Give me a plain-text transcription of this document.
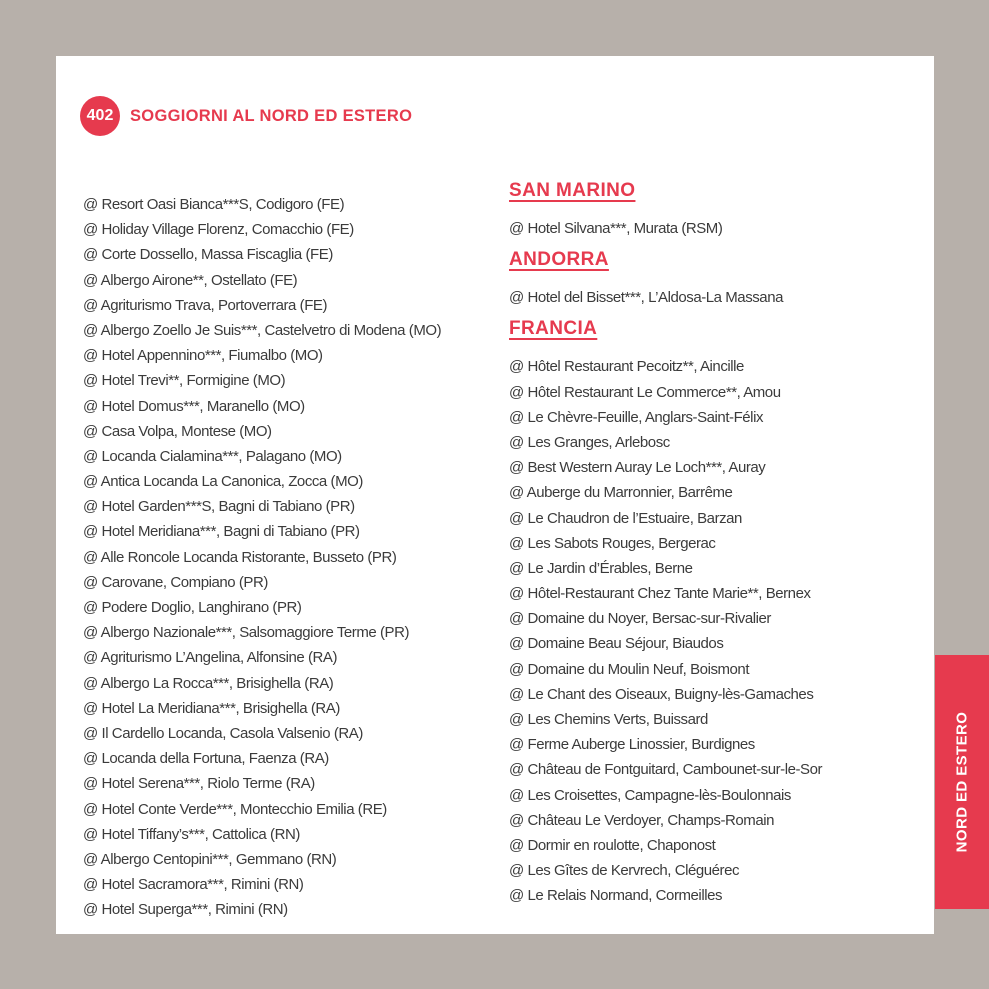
402	SOGGIORNI AL NORD ED ESTERO
@ Resort Oasi Bianca***S, Codigoro (FE)
@ Holiday Village Florenz, Comacchio (FE)
@ Corte Dossello, Massa Fiscaglia (FE)
@ Albergo Airone**, Ostellato (FE)
@ Agriturismo Trava, Portoverrara (FE)
@ Albergo Zoello Je Suis***, Castelvetro di Modena (MO)
@ Hotel Appennino***, Fiumalbo (MO)
@ Hotel Trevi**, Formigine (MO)
@ Hotel Domus***, Maranello (MO)
@ Casa Volpa, Montese (MO)
@ Locanda Cialamina***, Palagano (MO)
@ Antica Locanda La Canonica, Zocca (MO)
@ Hotel Garden***S, Bagni di Tabiano (PR)
@ Hotel Meridiana***, Bagni di Tabiano (PR)
@ Alle Roncole Locanda Ristorante, Busseto (PR)
@ Carovane, Compiano (PR)
@ Podere Doglio, Langhirano (PR)
@ Albergo Nazionale***, Salsomaggiore Terme (PR)
@ Agriturismo L’Angelina, Alfonsine (RA)
@ Albergo La Rocca***, Brisighella (RA)
@ Hotel La Meridiana***, Brisighella (RA)
@ Il Cardello Locanda, Casola Valsenio (RA)
@ Locanda della Fortuna, Faenza (RA)
@ Hotel Serena***, Riolo Terme (RA)
@ Hotel Conte Verde***, Montecchio Emilia (RE)
@ Hotel Tiffany’s***, Cattolica (RN)
@ Albergo Centopini***, Gemmano (RN)
@ Hotel Sacramora***, Rimini (RN)
@ Hotel Superga***, Rimini (RN)
SAN MARINO
@ Hotel Silvana***, Murata (RSM)
ANDORRA
@ Hotel del Bisset***, L’Aldosa-La Massana
FRANCIA
@ Hôtel Restaurant Pecoitz**, Aincille
@ Hôtel Restaurant Le Commerce**, Amou
@ Le Chèvre-Feuille, Anglars-Saint-Félix
@ Les Granges, Arlebosc
@ Best Western Auray Le Loch***, Auray
@ Auberge du Marronnier, Barrême
@ Le Chaudron de l’Estuaire, Barzan
@ Les Sabots Rouges, Bergerac
@ Le Jardin d’Érables, Berne
@ Hôtel-Restaurant Chez Tante Marie**, Bernex
@ Domaine du Noyer, Bersac-sur-Rivalier
@ Domaine Beau Séjour, Biaudos
@ Domaine du Moulin Neuf, Boismont
@ Le Chant des Oiseaux, Buigny-lès-Gamaches
@ Les Chemins Verts, Buissard
@ Ferme Auberge Linossier, Burdignes
@ Château de Fontguitard, Cambounet-sur-le-Sor
@ Les Croisettes, Campagne-lès-Boulonnais
@ Château Le Verdoyer, Champs-Romain
@ Dormir en roulotte, Chaponost
@ Les Gîtes de Kervrech, Cléguérec
@ Le Relais Normand, Cormeilles
NORD ED ESTERO
